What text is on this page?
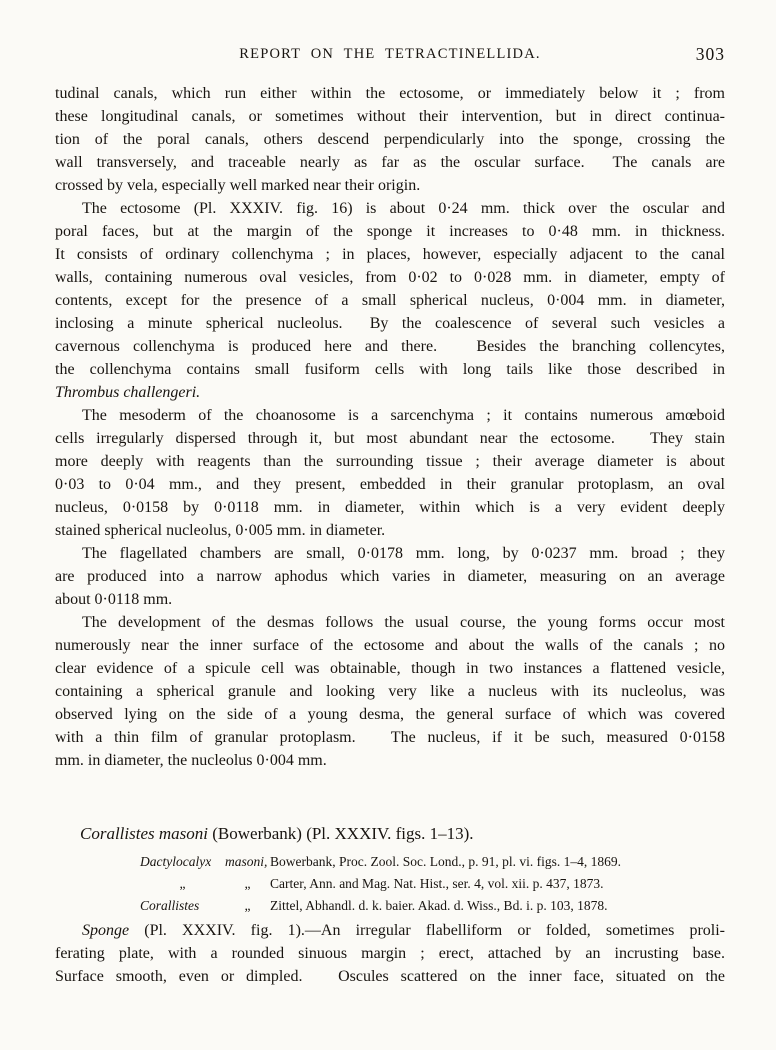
REPORT ON THE TETRACTINELLIDA.	303
tudinal canals, which run either within the ectosome, or immediately below it ; from
these longitudinal canals, or sometimes without their intervention, but in direct continua-
tion of the poral canals, others descend perpendicularly into the sponge, crossing the
wall transversely, and traceable nearly as far as the oscular surface.  The canals are
crossed by vela, especially well marked near their origin.
The ectosome (Pl. XXXIV. fig. 16) is about 0·24 mm. thick over the oscular and
poral faces, but at the margin of the sponge it increases to 0·48 mm. in thickness.
It consists of ordinary collenchyma ; in places, however, especially adjacent to the canal
walls, containing numerous oval vesicles, from 0·02 to 0·028 mm. in diameter, empty of
contents, except for the presence of a small spherical nucleus, 0·004 mm. in diameter,
inclosing a minute spherical nucleolus.  By the coalescence of several such vesicles a
cavernous collenchyma is produced here and there.   Besides the branching collencytes,
the collenchyma contains small fusiform cells with long tails like those described in
Thrombus challengeri.
The mesoderm of the choanosome is a sarcenchyma ; it contains numerous amœboid
cells irregularly dispersed through it, but most abundant near the ectosome.   They stain
more deeply with reagents than the surrounding tissue ; their average diameter is about
0·03 to 0·04 mm., and they present, embedded in their granular protoplasm, an oval
nucleus, 0·0158 by 0·0118 mm. in diameter, within which is a very evident deeply
stained spherical nucleolus, 0·005 mm. in diameter.
The flagellated chambers are small, 0·0178 mm. long, by 0·0237 mm. broad ; they
are produced into a narrow aphodus which varies in diameter, measuring on an average
about 0·0118 mm.
The development of the desmas follows the usual course, the young forms occur most
numerously near the inner surface of the ectosome and about the walls of the canals ; no
clear evidence of a spicule cell was obtainable, though in two instances a flattened vesicle,
containing a spherical granule and looking very like a nucleus with its nucleolus, was
observed lying on the side of a young desma, the general surface of which was covered
with a thin film of granular protoplasm.   The nucleus, if it be such, measured 0·0158
mm. in diameter, the nucleolus 0·004 mm.
Corallistes masoni (Bowerbank) (Pl. XXXIV. figs. 1–13).
Dactylocalyx	masoni, Bowerbank, Proc. Zool. Soc. Lond., p. 91, pl. vi. figs. 1–4, 1869.
„	„	Carter, Ann. and Mag. Nat. Hist., ser. 4, vol. xii. p. 437, 1873.
Corallistes	„	Zittel, Abhandl. d. k. baier. Akad. d. Wiss., Bd. i. p. 103, 1878.
Sponge (Pl. XXXIV. fig. 1).—An irregular flabelliform or folded, sometimes proli-
ferating plate, with a rounded sinuous margin ; erect, attached by an incrusting base.
Surface smooth, even or dimpled.   Oscules scattered on the inner face, situated on the
